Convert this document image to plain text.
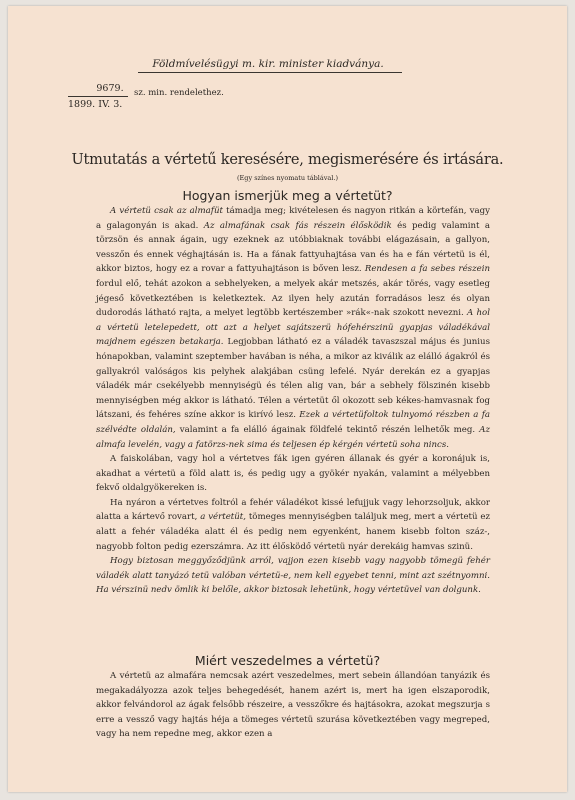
Földmívelésügyi m. kir. minister kiadványa.
9679.
1899. IV. 3.
sz. min. rendelethez.
Utmutatás a vértetű keresésére, megismerésére és irtására.
(Egy színes nyomatu táblával.)
Hogyan ismerjük meg a vértetüt?

A vértetü csak az almafüt támadja meg; kivételesen és nagyon ritkán a körtefán, vagy a galagonyán is akad. Az almafának csak fás részein élősködik és pedig valamint a törzsön és annak ágain, ugy ezeknek az utóbbiaknak további elágazásain, a gallyon, vesszőn és ennek véghajtásán is. Ha a fának fattyuhajtása van és ha e fán vértetü is él, akkor biztos, hogy ez a rovar a fattyuhajtáson is bőven lesz. Rendesen a fa sebes részein fordul elő, tehát azokon a sebhelyeken, a melyek akár metszés, akár törés, vagy esetleg jégeső következtében is keletkeztek. Az ilyen hely azután forradásos lesz és olyan dudorodás látható rajta, a melyet legtöbb kertészember »rák«-nak szokott nevezni. A hol a vértetü letelepedett, ott azt a helyet sajátszerü hófehérszinü gyapjas váladékával majdnem egészen betakarja. Legjobban látható ez a váladék tavaszszal május és junius hónapokban, valamint szeptember havában is néha, a mikor az kiválik az elálló ágakról és gallyakról valóságos kis pelyhek alakjában csüng lefelé. Nyár derekán ez a gyapjas váladék már csekélyebb mennyiségü és télen alig van, bár a sebhely fölszinén kisebb mennyiségben még akkor is látható. Télen a vértetüt ől okozott seb kékes-hamvasnak fog látszani, és fehéres színe akkor is kirívó lesz. Ezek a vértetüfoltok tulnyomó részben a fa szélvédte oldalán, valamint a fa elálló ágainak földfelé tekintő részén lelhetők meg. Az almafa levelén, vagy a fatörzs-nek sima és teljesen ép kérgén vértetü soha nincs.

A faiskolában, vagy hol a vértetves fák igen gyéren állanak és gyér a koronájuk is, akadhat a vértetü a föld alatt is, és pedig ugy a gyökér nyakán, valamint a mélyebben fekvő oldalgyökereken is.

Ha nyáron a vértetves foltról a fehér váladékot kissé lefujjuk vagy lehorzsoljuk, akkor alatta a kártevő rovart, a vértetüt, tömeges mennyiségben találjuk meg, mert a vértetü ez alatt a fehér váladéka alatt él és pedig nem egyenként, hanem kisebb folton száz-, nagyobb folton pedig ezerszámra. Az itt élősködő vértetü nyár derekáig hamvas szinü.

Hogy biztosan meggyőződjünk arról, vajjon ezen kisebb vagy nagyobb tömegü fehér váladék alatt tanyázó tetü valóban vértetü-e, nem kell egyebet tenni, mint azt szétnyomni. Ha vérszinü nedv ömlik ki belőle, akkor biztosak lehetünk, hogy vértetüvel van dolgunk.

Miért veszedelmes a vértetü?

A vértetü az almafára nemcsak azért veszedelmes, mert sebein állandóan tanyázik és megakadályozza azok teljes behegedését, hanem azért is, mert ha igen elszaporodik, akkor felvándorol az ágak felsőbb részeire, a vesszőkre és hajtásokra, azokat megszurja s erre a vessző vagy hajtás héja a tömeges vértetü szurása következtében vagy megreped, vagy ha nem repedne meg, akkor ezen a
